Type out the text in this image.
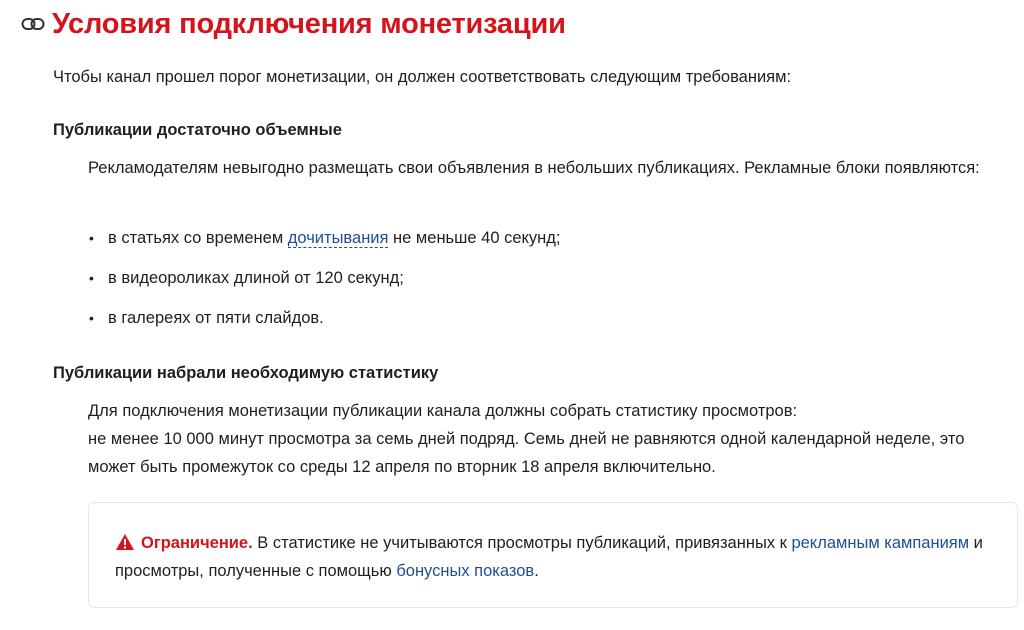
Условия подключения монетизации

Чтобы канал прошел порог монетизации, он должен соответствовать следующим требованиям:

Публикации достаточно объемные

Рекламодателям невыгодно размещать свои объявления в небольших публикациях. Рекламные блоки появляются:

• в статьях со временем дочитывания не меньше 40 секунд;
• в видеороликах длиной от 120 секунд;
• в галереях от пяти слайдов.
Публикации набрали необходимую статистику

Для подключения монетизации публикации канала должны собрать статистику просмотров:
не менее 10 000 минут просмотра за семь дней подряд. Семь дней не равняются одной календарной неделе, это может быть промежуток со среды 12 апреля по вторник 18 апреля включительно.

Ограничение. В статистике не учитываются просмотры публикаций, привязанных к рекламным кампаниям и просмотры, полученные с помощью бонусных показов.
